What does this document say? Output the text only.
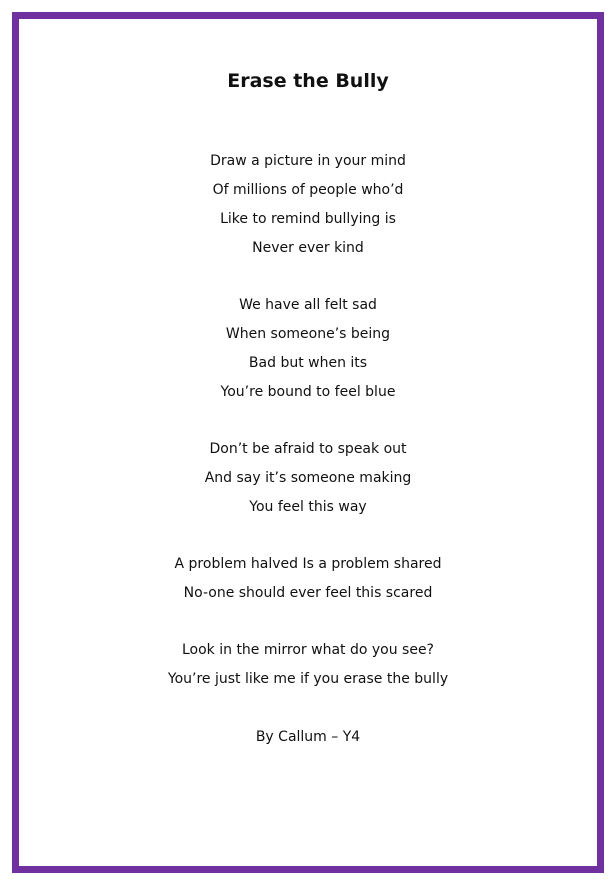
Erase the Bully
Draw a picture in your mind
Of millions of people who’d
Like to remind bullying is
Never ever kind
We have all felt sad
When someone’s being
Bad but when its
You’re bound to feel blue
Don’t be afraid to speak out
And say it’s someone making
You feel this way
A problem halved Is a problem shared
No-one should ever feel this scared
Look in the mirror what do you see?
You’re just like me if you erase the bully
By Callum – Y4
